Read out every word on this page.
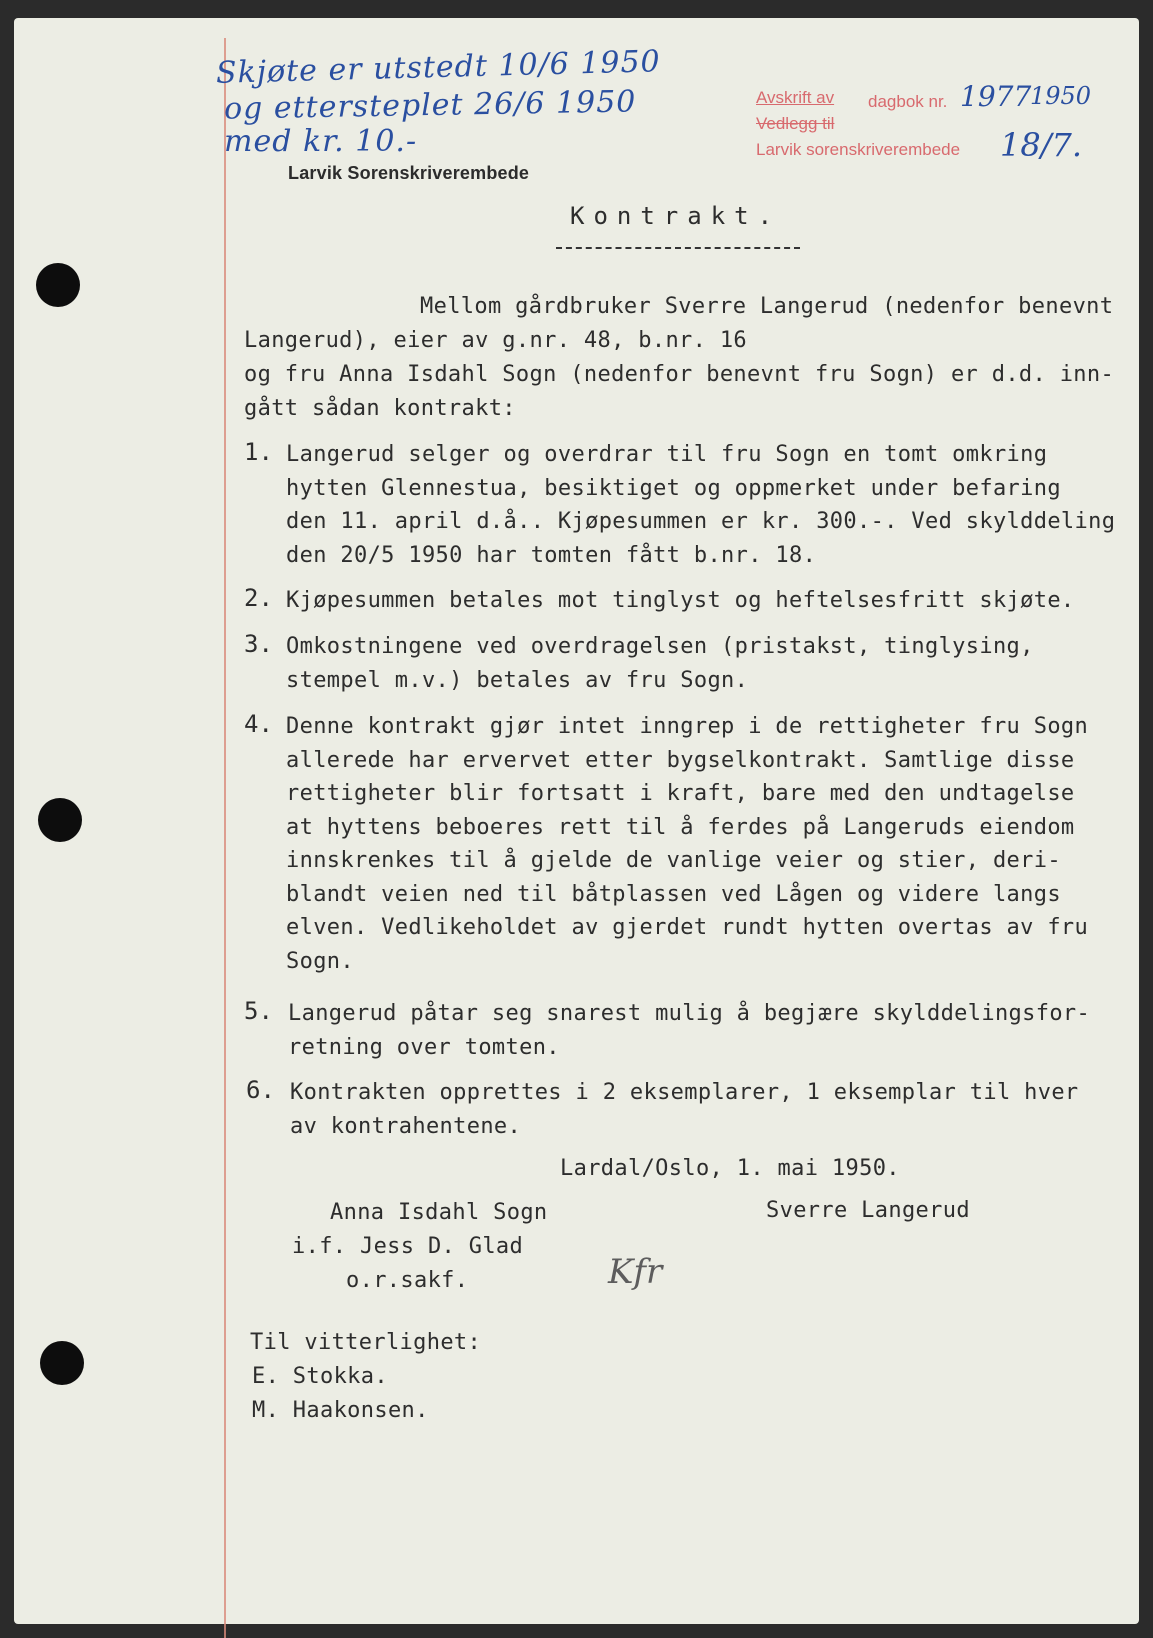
Skjøte er utstedt 10/6 1950
og ettersteplet 26/6 1950
med kr. 10.-
Larvik Sorenskriverembede
Avskrift av dagbok nr. 1977
1950
Vedlegg til
Larvik sorenskriverembede 18/7.
Kontrakt.
Mellom gårdbruker Sverre Langerud (nedenfor benevnt
Langerud), eier av g.nr. 48, b.nr. 16
og fru Anna Isdahl Sogn (nedenfor benevnt fru Sogn) er d.d. inn-
gått sådan kontrakt:
1. Langerud selger og overdrar til fru Sogn en tomt omkring
hytten Glennestua, besiktiget og oppmerket under befaring
den 11. april d.å.. Kjøpesummen er kr. 300.-. Ved skylddeling
den 20/5 1950 har tomten fått b.nr. 18.
2. Kjøpesummen betales mot tinglyst og heftelsesfritt skjøte.
3. Omkostningene ved overdragelsen (pristakst, tinglysing,
stempel m.v.) betales av fru Sogn.
4. Denne kontrakt gjør intet inngrep i de rettigheter fru Sogn
allerede har ervervet etter bygselkontrakt. Samtlige disse
rettigheter blir fortsatt i kraft, bare med den undtagelse
at hyttens beboeres rett til å ferdes på Langeruds eiendom
innskrenkes til å gjelde de vanlige veier og stier, deri-
blandt veien ned til båtplassen ved Lågen og videre langs
elven. Vedlikeholdet av gjerdet rundt hytten overtas av fru
Sogn.
5. Langerud påtar seg snarest mulig å begjære skylddelingsfor-
retning over tomten.
6. Kontrakten opprettes i 2 eksemplarer, 1 eksemplar til hver
av kontrahentene.
Lardal/Oslo, 1. mai 1950.
Anna Isdahl Sogn
i.f. Jess D. Glad
o.r.sakf.
Sverre Langerud
Kfr
Til vitterlighet:
E. Stokka.
M. Haakonsen.
